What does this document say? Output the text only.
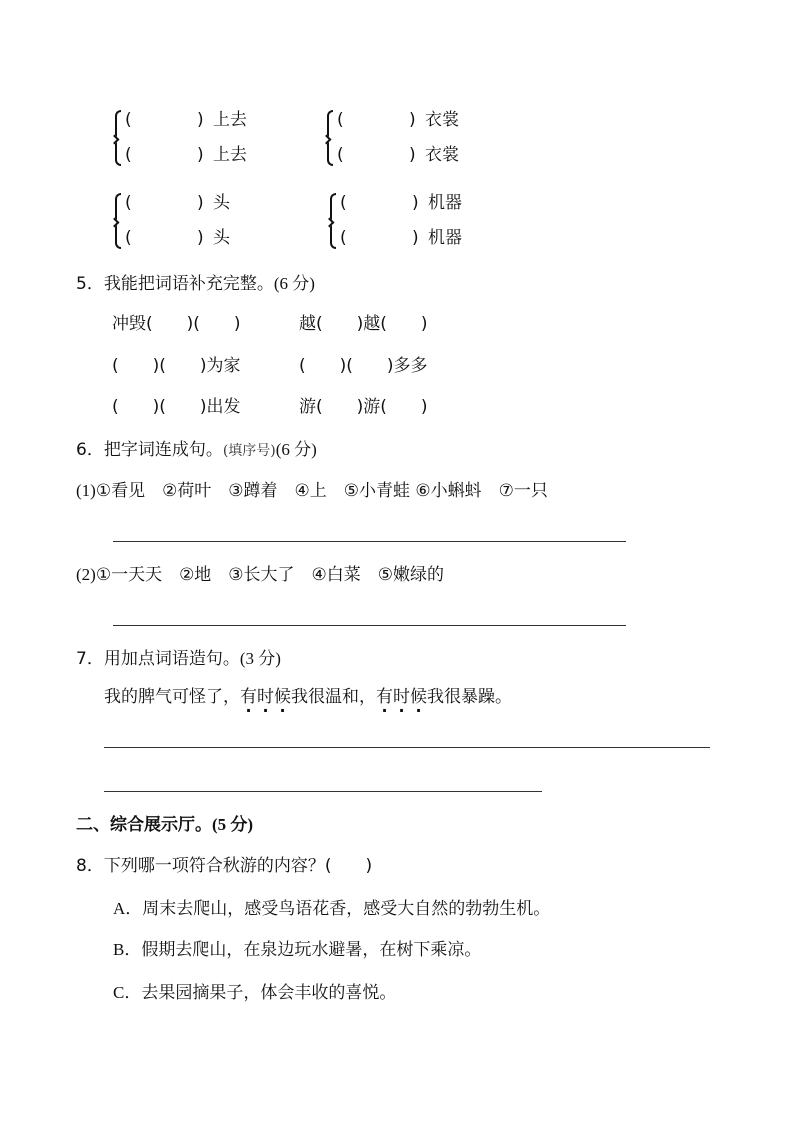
(	) 上去
(	) 上去
(	) 衣裳
(	) 衣裳
(	) 头
(	) 头
(	) 机器
(	) 机器
5．我能把词语补充完整。(6 分)
冲毁(　　)(　　)	越(　　)越(　　)
(　　)(　　)为家	(　　)(　　)多多
(　　)(　　)出发	游(　　)游(　　)
6．把字词连成句。(填序号)(6 分)
(1)①看见　②荷叶　③蹲着　④上　⑤小青蛙 ⑥小蝌蚪　⑦一只
(2)①一天天　②地　③长大了　④白菜　⑤嫩绿的
7．用加点词语造句。(3 分)
我的脾气可怪了，有时候我很温和，有时候我很暴躁。
二、综合展示厅。(5 分)
8．下列哪一项符合秋游的内容？(　　)
A．周末去爬山，感受鸟语花香，感受大自然的勃勃生机。
B．假期去爬山，在泉边玩水避暑，在树下乘凉。
C．去果园摘果子，体会丰收的喜悦。
